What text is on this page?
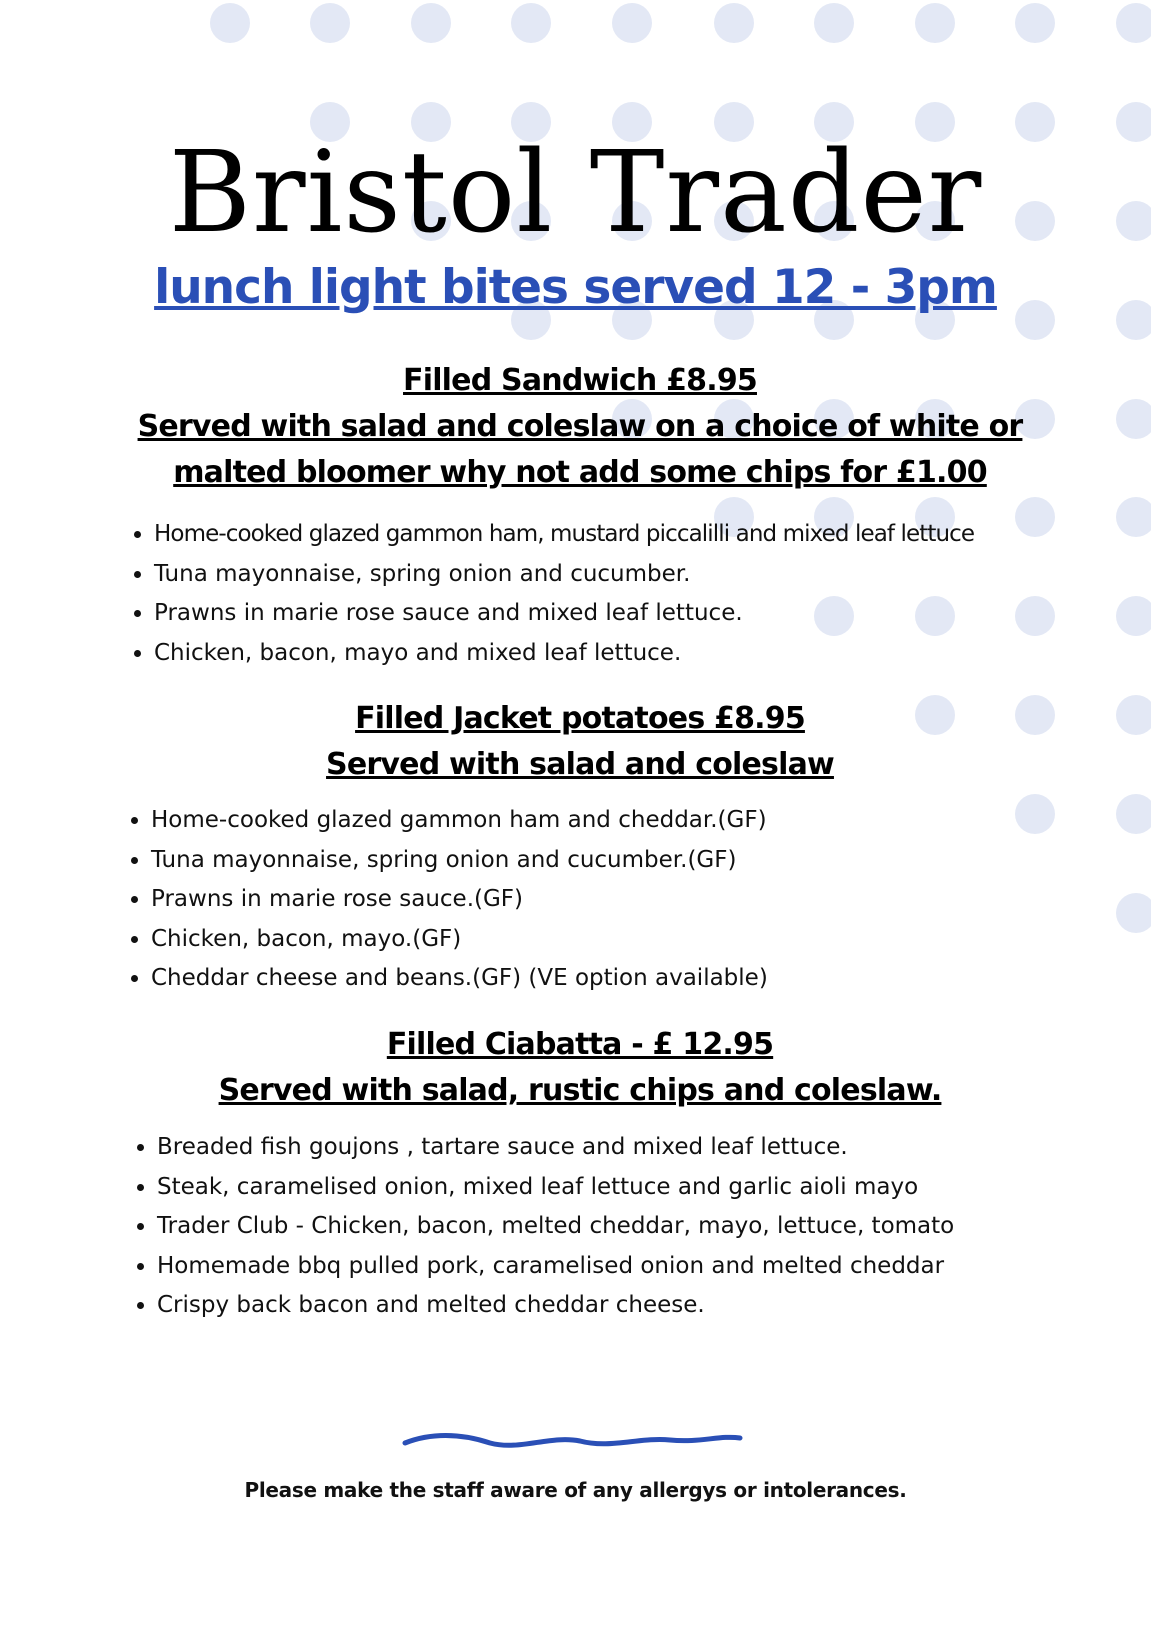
Bristol Trader
lunch light bites served 12 - 3pm
Filled Sandwich £8.95
Served with salad and coleslaw on a choice of white or
malted bloomer why not add some chips for £1.00
• Home-cooked glazed gammon ham, mustard piccalilli and mixed leaf lettuce
• Tuna mayonnaise, spring onion and cucumber.
• Prawns in marie rose sauce and mixed leaf lettuce.
• Chicken, bacon, mayo and mixed leaf lettuce.
Filled Jacket potatoes £8.95
Served with salad and coleslaw
• Home-cooked glazed gammon ham and cheddar.(GF)
• Tuna mayonnaise, spring onion and cucumber.(GF)
• Prawns in marie rose sauce.(GF)
• Chicken, bacon, mayo.(GF)
• Cheddar cheese and beans.(GF) (VE option available)
Filled Ciabatta - £ 12.95
Served with salad, rustic chips and coleslaw.
• Breaded fish goujons , tartare sauce and mixed leaf lettuce.
• Steak, caramelised onion, mixed leaf lettuce and garlic aioli mayo
• Trader Club - Chicken, bacon, melted cheddar, mayo, lettuce, tomato
• Homemade bbq pulled pork, caramelised onion and melted cheddar
• Crispy back bacon and melted cheddar cheese.
Please make the staff aware of any allergys or intolerances.
